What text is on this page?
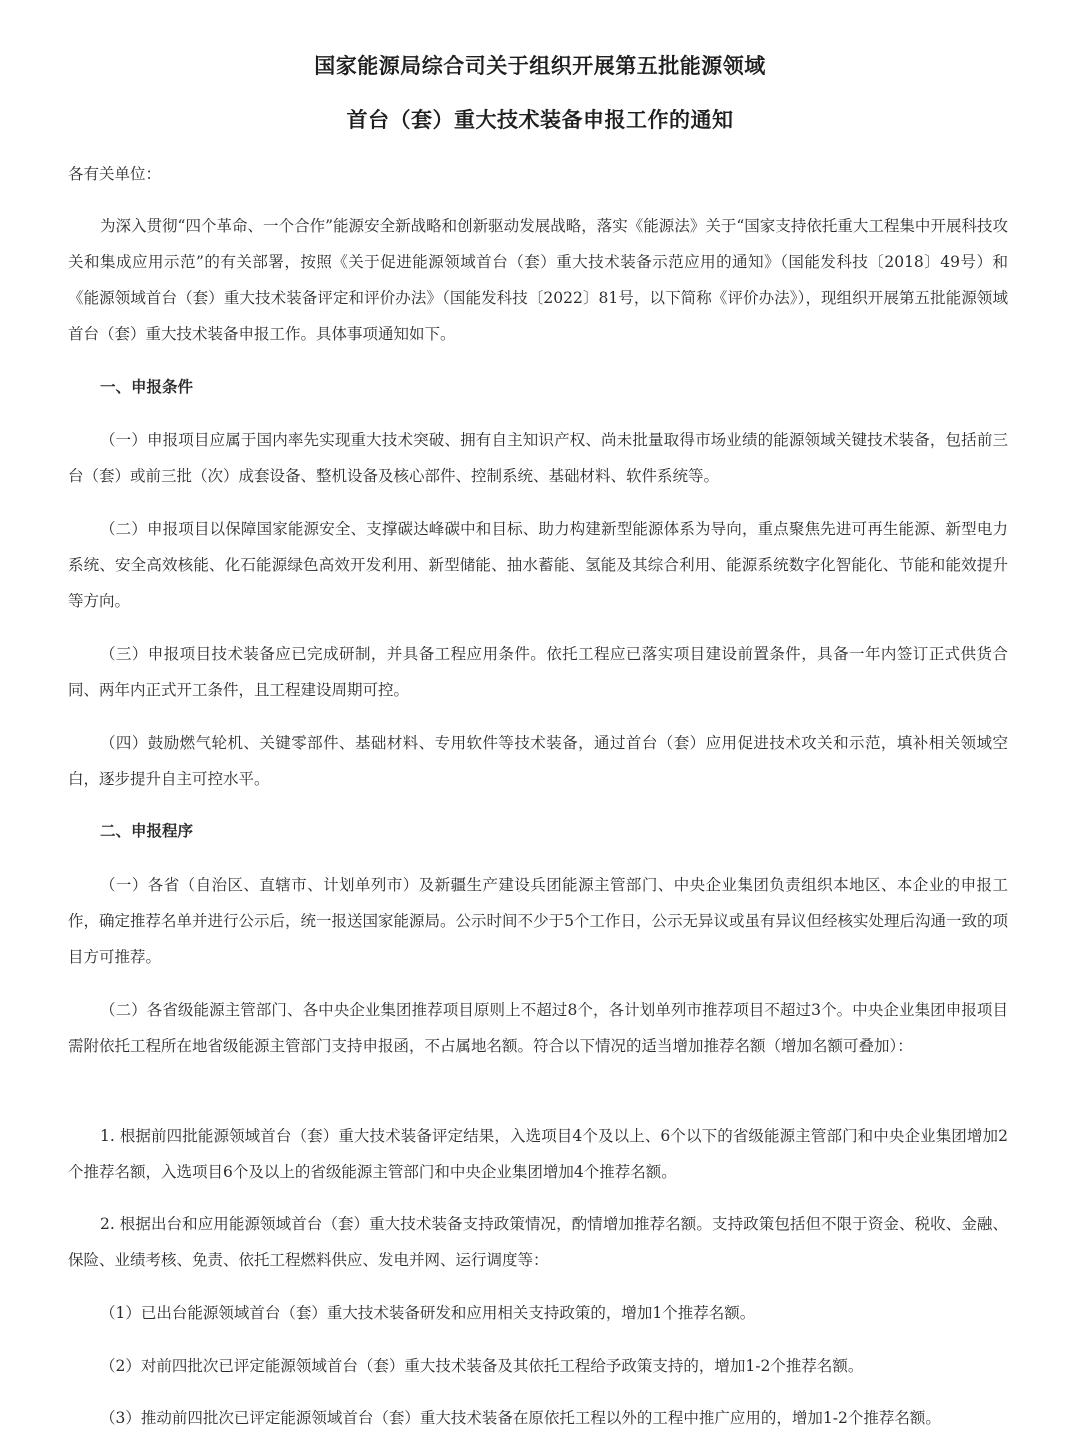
国家能源局综合司关于组织开展第五批能源领域
首台（套）重大技术装备申报工作的通知

各有关单位：

为深入贯彻“四个革命、一个合作”能源安全新战略和创新驱动发展战略，落实《能源法》关于“国家支持依托重大工程集中开展科技攻关和集成应用示范”的有关部署，按照《关于促进能源领域首台（套）重大技术装备示范应用的通知》（国能发科技〔2018〕49号）和《能源领域首台（套）重大技术装备评定和评价办法》（国能发科技〔2022〕81号，以下简称《评价办法》），现组织开展第五批能源领域首台（套）重大技术装备申报工作。具体事项通知如下。

一、申报条件

（一）申报项目应属于国内率先实现重大技术突破、拥有自主知识产权、尚未批量取得市场业绩的能源领域关键技术装备，包括前三台（套）或前三批（次）成套设备、整机设备及核心部件、控制系统、基础材料、软件系统等。

（二）申报项目以保障国家能源安全、支撑碳达峰碳中和目标、助力构建新型能源体系为导向，重点聚焦先进可再生能源、新型电力系统、安全高效核能、化石能源绿色高效开发利用、新型储能、抽水蓄能、氢能及其综合利用、能源系统数字化智能化、节能和能效提升等方向。

（三）申报项目技术装备应已完成研制，并具备工程应用条件。依托工程应已落实项目建设前置条件，具备一年内签订正式供货合同、两年内正式开工条件，且工程建设周期可控。

（四）鼓励燃气轮机、关键零部件、基础材料、专用软件等技术装备，通过首台（套）应用促进技术攻关和示范，填补相关领域空白，逐步提升自主可控水平。

二、申报程序

（一）各省（自治区、直辖市、计划单列市）及新疆生产建设兵团能源主管部门、中央企业集团负责组织本地区、本企业的申报工作，确定推荐名单并进行公示后，统一报送国家能源局。公示时间不少于5个工作日，公示无异议或虽有异议但经核实处理后沟通一致的项目方可推荐。

（二）各省级能源主管部门、各中央企业集团推荐项目原则上不超过8个，各计划单列市推荐项目不超过3个。中央企业集团申报项目需附依托工程所在地省级能源主管部门支持申报函，不占属地名额。符合以下情况的适当增加推荐名额（增加名额可叠加）：

1. 根据前四批能源领域首台（套）重大技术装备评定结果，入选项目4个及以上、6个以下的省级能源主管部门和中央企业集团增加2个推荐名额，入选项目6个及以上的省级能源主管部门和中央企业集团增加4个推荐名额。

2. 根据出台和应用能源领域首台（套）重大技术装备支持政策情况，酌情增加推荐名额。支持政策包括但不限于资金、税收、金融、保险、业绩考核、免责、依托工程燃料供应、发电并网、运行调度等：

（1）已出台能源领域首台（套）重大技术装备研发和应用相关支持政策的，增加1个推荐名额。

（2）对前四批次已评定能源领域首台（套）重大技术装备及其依托工程给予政策支持的，增加1-2个推荐名额。

（3）推动前四批次已评定能源领域首台（套）重大技术装备在原依托工程以外的工程中推广应用的，增加1-2个推荐名额。
